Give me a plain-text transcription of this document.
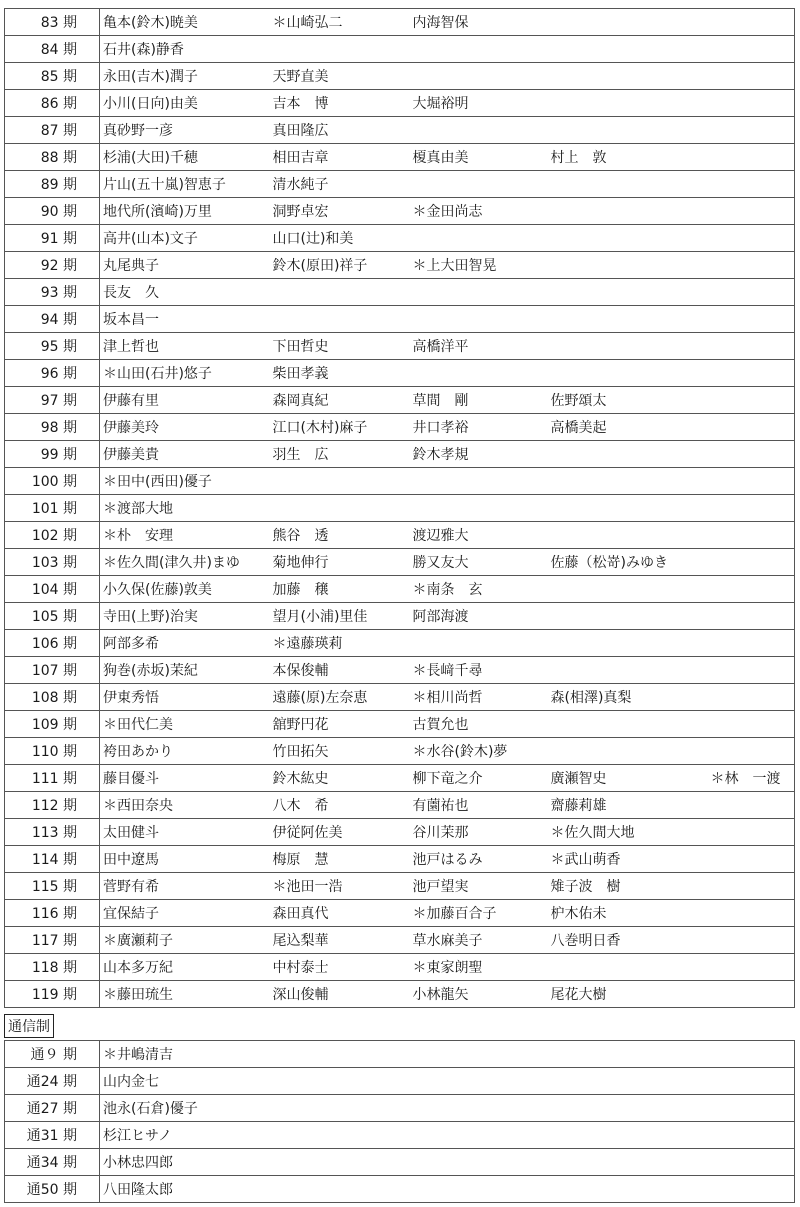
83 期	亀本(鈴木)暁美	＊山崎弘二	内海智保		
84 期	石井(森)静香				
85 期	永田(吉木)潤子	天野直美			
86 期	小川(日向)由美	吉本　博	大堀裕明		
87 期	真砂野一彦	真田隆広			
88 期	杉浦(大田)千穂	相田吉章	榎真由美	村上　敦	
89 期	片山(五十嵐)智恵子	清水純子			
90 期	地代所(濱崎)万里	洞野卓宏	＊金田尚志		
91 期	高井(山本)文子	山口(辻)和美			
92 期	丸尾典子	鈴木(原田)祥子	＊上大田智晃		
93 期	長友　久				
94 期	坂本昌一				
95 期	津上哲也	下田哲史	高橋洋平		
96 期	＊山田(石井)悠子	柴田孝義			
97 期	伊藤有里	森岡真紀	草間　剛	佐野頌太	
98 期	伊藤美玲	江口(木村)麻子	井口孝裕	高橋美起	
99 期	伊藤美貴	羽生　広	鈴木孝規		
100 期	＊田中(西田)優子				
101 期	＊渡部大地				
102 期	＊朴　安理	熊谷　透	渡辺雅大		
103 期	＊佐久間(津久井)まゆ	菊地伸行	勝又友大	佐藤（松嵜)みゆき	
104 期	小久保(佐藤)敦美	加藤　穣	＊南条　玄		
105 期	寺田(上野)治実	望月(小浦)里佳	阿部海渡		
106 期	阿部多希	＊遠藤瑛莉			
107 期	狗巻(赤坂)茉紀	本保俊輔	＊長﨑千尋		
108 期	伊東秀悟	遠藤(原)左奈恵	＊相川尚哲	森(相澤)真梨	
109 期	＊田代仁美	舘野円花	古賀允也		
110 期	袴田あかり	竹田拓矢	＊水谷(鈴木)夢		
111 期	藤目優斗	鈴木紘史	柳下竜之介	廣瀬智史	＊林　一渡
112 期	＊西田奈央	八木　希	有薗祐也	齋藤莉雄	
113 期	太田健斗	伊従阿佐美	谷川茉那	＊佐久間大地	
114 期	田中遼馬	梅原　慧	池戸はるみ	＊武山萌香	
115 期	菅野有希	＊池田一浩	池戸望実	雉子波　樹	
116 期	宜保結子	森田真代	＊加藤百合子	枦木佑未	
117 期	＊廣瀬莉子	尾込梨華	草水麻美子	八巻明日香	
118 期	山本多万紀	中村泰士	＊東家朗聖		
119 期	＊藤田琉生	深山俊輔	小林龍矢	尾花大樹	
通信制
通９ 期	＊井嶋清吉
通24 期	山内金七
通27 期	池永(石倉)優子
通31 期	杉江ヒサノ
通34 期	小林忠四郎
通50 期	八田隆太郎
